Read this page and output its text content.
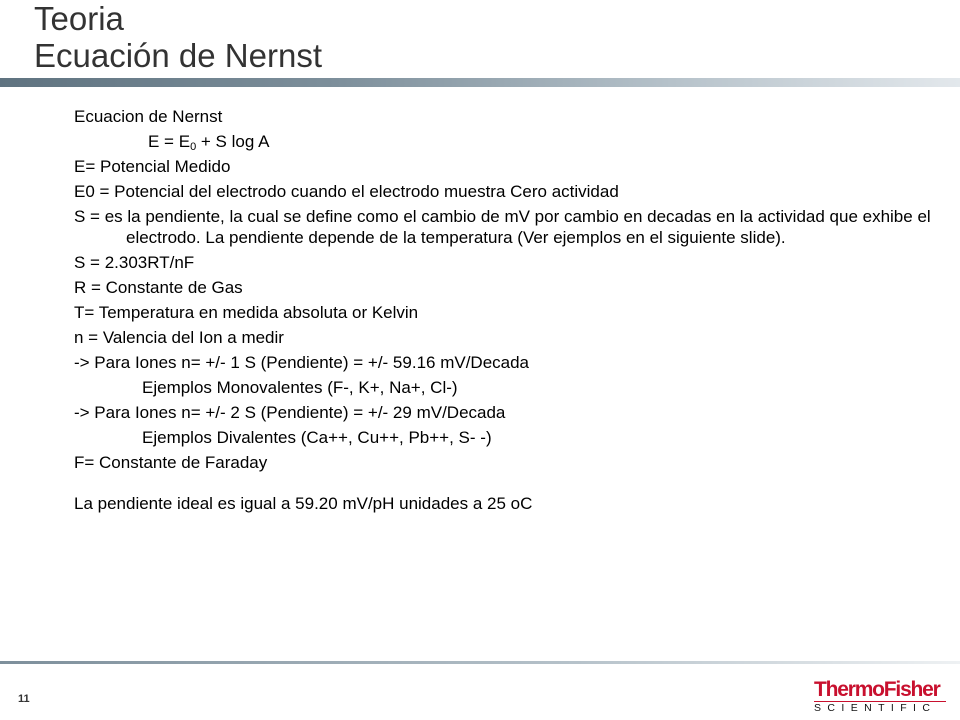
Teoria
Ecuación de Nernst
Ecuacion de Nernst
$E = E_0 + S$ log A
E= Potencial Medido
E0 = Potencial del electrodo cuando el electrodo muestra Cero actividad
S = es la pendiente, la cual se define como el cambio de mV por cambio en decadas en la actividad que exhibe el electrodo. La pendiente depende de la temperatura (Ver ejemplos en el siguiente slide).
S = 2.303RT/nF
R = Constante de Gas
T= Temperatura en medida absoluta or Kelvin
n = Valencia del Ion a medir
-> Para Iones n= +/- 1 S (Pendiente) = +/- 59.16 mV/Decada
Ejemplos Monovalentes (F-, K+, Na+, Cl-)
-> Para Iones n= +/- 2 S (Pendiente) = +/- 29 mV/Decada
Ejemplos Divalentes (Ca++, Cu++, Pb++, S- -)
F= Constante de Faraday
La pendiente ideal es igual a 59.20 mV/pH unidades a 25 oC
11	ThermoFisher
SCIENTIFIC
